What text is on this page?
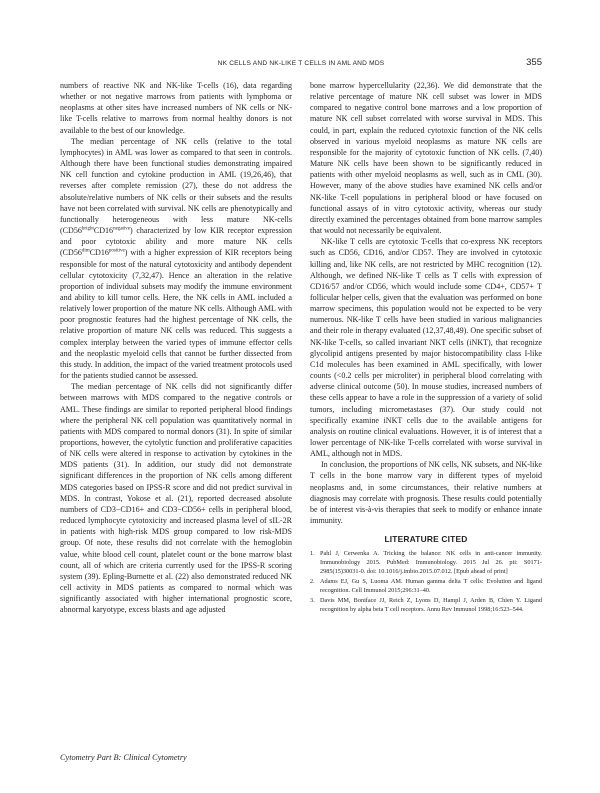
NK CELLS AND NK-LIKE T CELLS IN AML AND MDS	355

numbers of reactive NK and NK-like T-cells (16), data regarding whether or not negative marrows from patients with lymphoma or neoplasms at other sites have increased numbers of NK cells or NK-like T-cells relative to marrows from normal healthy donors is not available to the best of our knowledge.

The median percentage of NK cells (relative to the total lymphocytes) in AML was lower as compared to that seen in controls. Although there have been functional studies demonstrating impaired NK cell function and cytokine production in AML (19,26,46), that reverses after complete remission (27), these do not address the absolute/relative numbers of NK cells or their subsets and the results have not been correlated with survival. NK cells are phenotypically and functionally heterogeneous with less mature NK-cells $(CD56^{bright}CD16^{negative})$ characterized by low KIR receptor expression and poor cytotoxic ability and more mature NK cells $(CD56^{dim}CD16^{positive})$ with a higher expression of KIR receptors being responsible for most of the natural cytotoxicity and antibody dependent cellular cytotoxicity (7,32,47). Hence an alteration in the relative proportion of individual subsets may modify the immune environment and ability to kill tumor cells. Here, the NK cells in AML included a relatively lower proportion of the mature NK cells. Although AML with poor prognostic features had the highest percentage of NK cells, the relative proportion of mature NK cells was reduced. This suggests a complex interplay between the varied types of immune effector cells and the neoplastic myeloid cells that cannot be further dissected from this study. In addition, the impact of the varied treatment protocols used for the patients studied cannot be assessed.

The median percentage of NK cells did not significantly differ between marrows with MDS compared to the negative controls or AML. These findings are similar to reported peripheral blood findings where the peripheral NK cell population was quantitatively normal in patients with MDS compared to normal donors (31). In spite of similar proportions, however, the cytolytic function and proliferative capacities of NK cells were altered in response to activation by cytokines in the MDS patients (31). In addition, our study did not demonstrate significant differences in the proportion of NK cells among different MDS categories based on IPSS-R score and did not predict survival in MDS. In contrast, Yokose et al. (21), reported decreased absolute numbers of CD3−CD16+ and CD3−CD56+ cells in peripheral blood, reduced lymphocyte cytotoxicity and increased plasma level of sIL-2R in patients with high-risk MDS group compared to low risk-MDS group. Of note, these results did not correlate with the hemoglobin value, white blood cell count, platelet count or the bone marrow blast count, all of which are criteria currently used for the IPSS-R scoring system (39). Epling-Burnette et al. (22) also demonstrated reduced NK cell activity in MDS patients as compared to normal which was significantly associated with higher international prognostic score, abnormal karyotype, excess blasts and age adjusted

bone marrow hypercellularity (22,36). We did demonstrate that the relative percentage of mature NK cell subset was lower in MDS compared to negative control bone marrows and a low proportion of mature NK cell subset correlated with worse survival in MDS. This could, in part, explain the reduced cytotoxic function of the NK cells observed in various myeloid neoplasms as mature NK cells are responsible for the majority of cytotoxic function of NK cells. (7,40) Mature NK cells have been shown to be significantly reduced in patients with other myeloid neoplasms as well, such as in CML (30). However, many of the above studies have examined NK cells and/or NK-like T-cell populations in peripheral blood or have focused on functional assays of in vitro cytotoxic activity, whereas our study directly examined the percentages obtained from bone marrow samples that would not necessarily be equivalent.

NK-like T cells are cytotoxic T-cells that co-express NK receptors such as CD56, CD16, and/or CD57. They are involved in cytotoxic killing and, like NK cells, are not restricted by MHC recognition (12). Although, we defined NK-like T cells as T cells with expression of CD16/57 and/or CD56, which would include some CD4+, CD57+ T follicular helper cells, given that the evaluation was performed on bone marrow specimens, this population would not be expected to be very numerous. NK-like T cells have been studied in various malignancies and their role in therapy evaluated (12,37,48,49). One specific subset of NK-like T-cells, so called invariant NKT cells (iNKT), that recognize glycolipid antigens presented by major histocompatibility class I-like C1d molecules has been examined in AML specifically, with lower counts (<0.2 cells per microliter) in peripheral blood correlating with adverse clinical outcome (50). In mouse studies, increased numbers of these cells appear to have a role in the suppression of a variety of solid tumors, including micrometastases (37). Our study could not specifically examine iNKT cells due to the available antigens for analysis on routine clinical evaluations. However, it is of interest that a lower percentage of NK-like T-cells correlated with worse survival in AML, although not in MDS.

In conclusion, the proportions of NK cells, NK subsets, and NK-like T cells in the bone marrow vary in different types of myeloid neoplasms and, in some circumstances, their relative numbers at diagnosis may correlate with prognosis. These results could potentially be of interest vis-à-vis therapies that seek to modify or enhance innate immunity.

LITERATURE CITED
1. Pahl J, Cerwenka A. Tricking the balance: NK cells in anti-cancer immunity. Immunobiology 2015. PubMed: Immunobiology. 2015 Jul 26. pii: S0171-2985(15)30031-0. doi: 10.1016/j.imbio.2015.07.012. [Epub ahead of print]
2. Adams EJ, Gu S, Luoma AM. Human gamma delta T cells: Evolution and ligand recognition. Cell Immunol 2015;296:31–40.
3. Davis MM, Boniface JJ, Reich Z, Lyons D, Hampl J, Arden B, Chien Y. Ligand recognition by alpha beta T cell receptors. Annu Rev Immunol 1998;16:523–544.
Cytometry Part B: Clinical Cytometry
